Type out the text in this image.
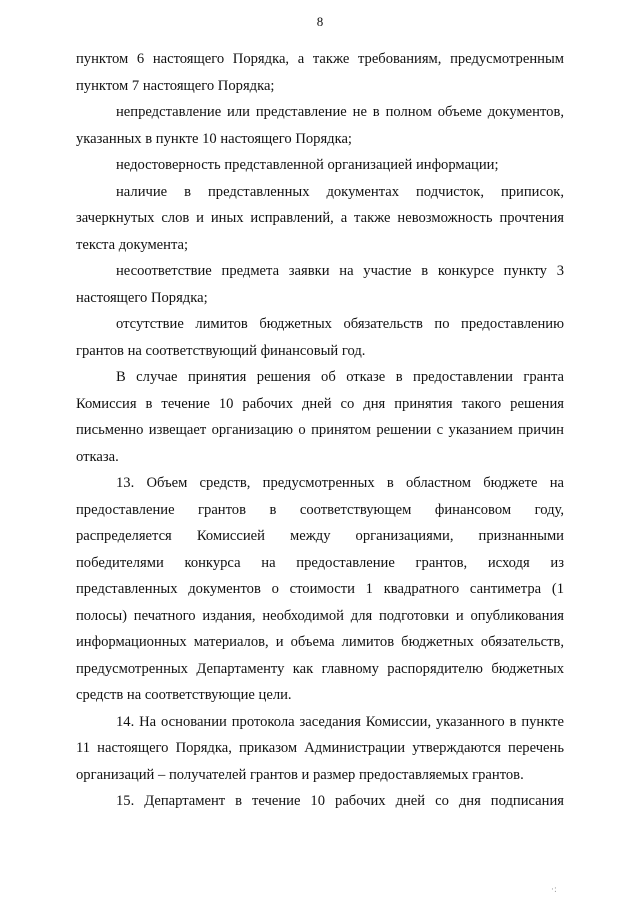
8

пунктом 6 настоящего Порядка, а также требованиям, предусмотренным пунктом 7 настоящего Порядка;

непредставление или представление не в полном объеме документов, указанных в пункте 10 настоящего Порядка;

недостоверность представленной организацией информации;

наличие в представленных документах подчисток, приписок, зачеркнутых слов и иных исправлений, а также невозможность прочтения текста документа;

несоответствие предмета заявки на участие в конкурсе пункту 3 настоящего Порядка;

отсутствие лимитов бюджетных обязательств по предоставлению грантов на соответствующий финансовый год.

В случае принятия решения об отказе в предоставлении гранта Комиссия в течение 10 рабочих дней со дня принятия такого решения письменно извещает организацию о принятом решении с указанием причин отказа.

13. Объем средств, предусмотренных в областном бюджете на предоставление грантов в соответствующем финансовом году, распределяется Комиссией между организациями, признанными победителями конкурса на предоставление грантов, исходя из представленных документов о стоимости 1 квадратного сантиметра (1 полосы) печатного издания, необходимой для подготовки и опубликования информационных материалов, и объема лимитов бюджетных обязательств, предусмотренных Департаменту как главному распорядителю бюджетных средств на соответствующие цели.

14. На основании протокола заседания Комиссии, указанного в пункте 11 настоящего Порядка, приказом Администрации утверждаются перечень организаций – получателей грантов и размер предоставляемых грантов.

15. Департамент в течение 10 рабочих дней со дня подписания

·:
